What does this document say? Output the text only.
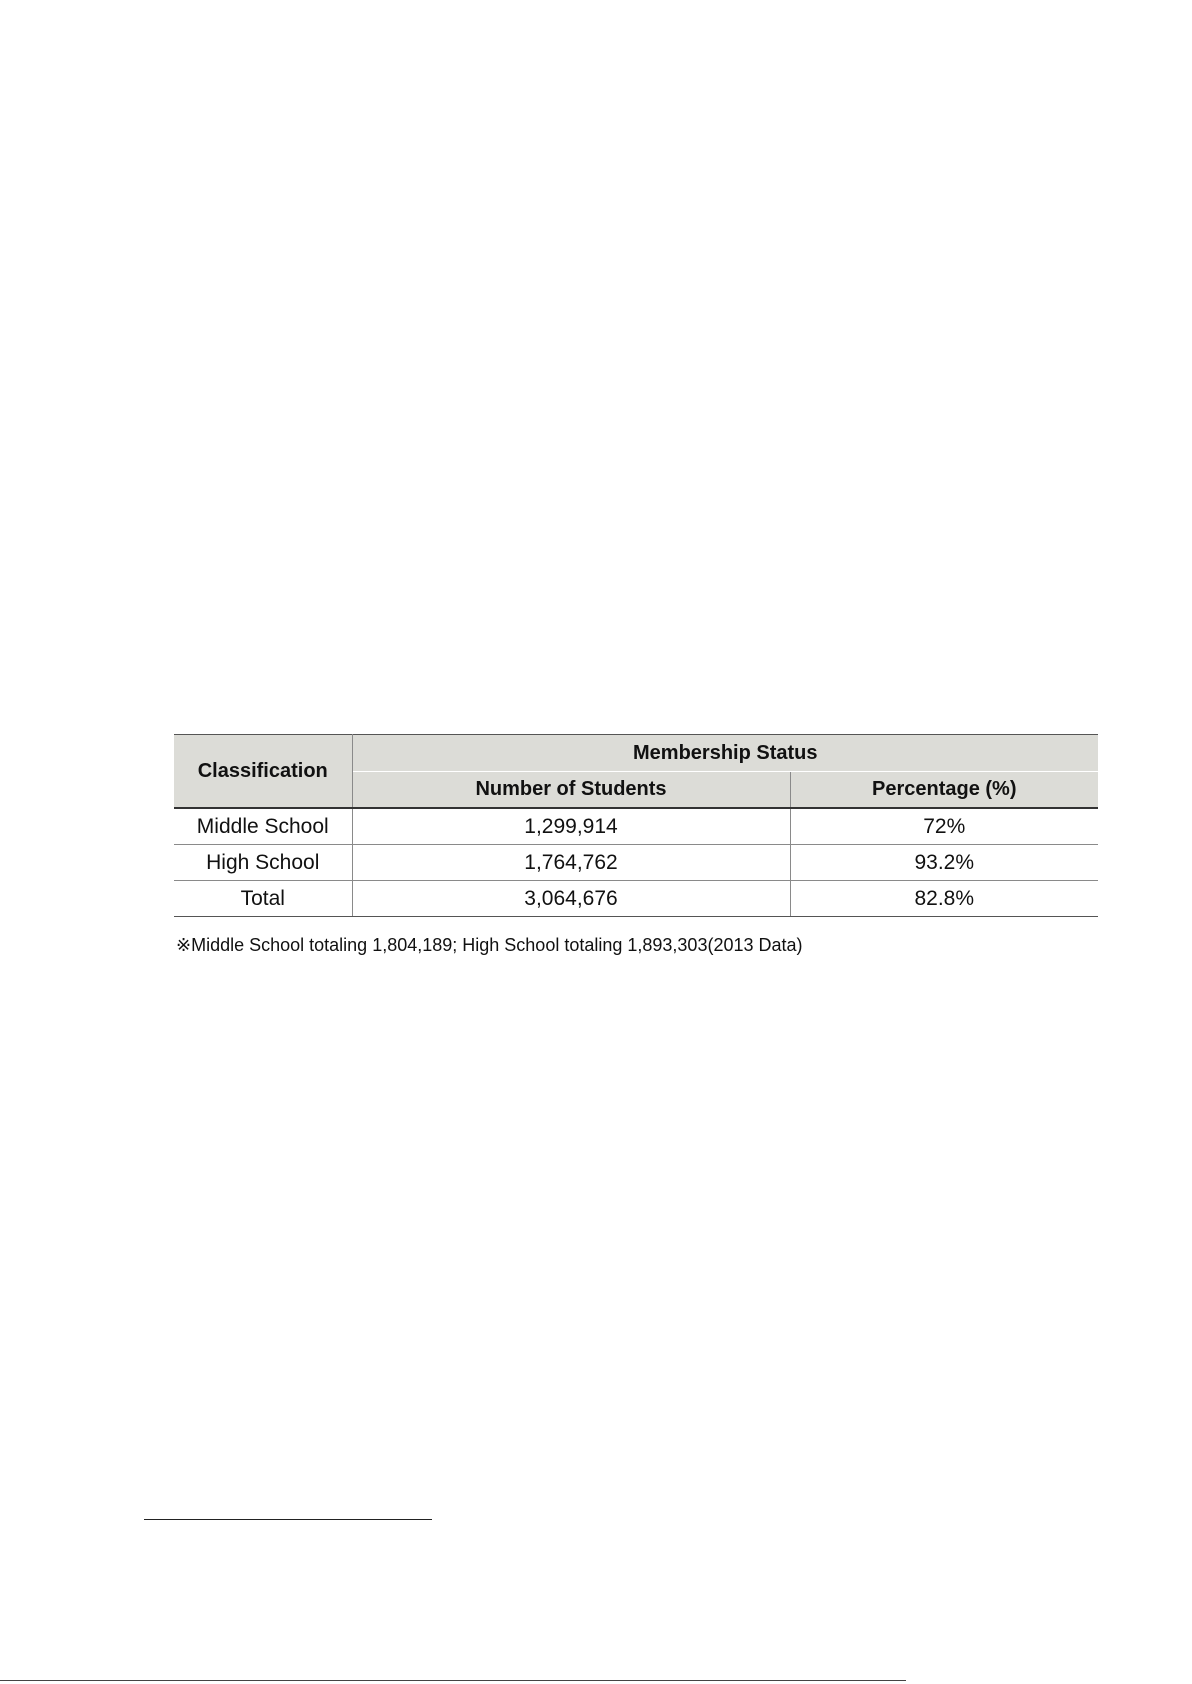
Classification	Membership Status	
	Number of Students	Percentage (%)
Middle School	1,299,914	72%
High School	1,764,762	93.2%
Total	3,064,676	82.8%
※Middle School totaling 1,804,189; High School totaling 1,893,303(2013 Data)
